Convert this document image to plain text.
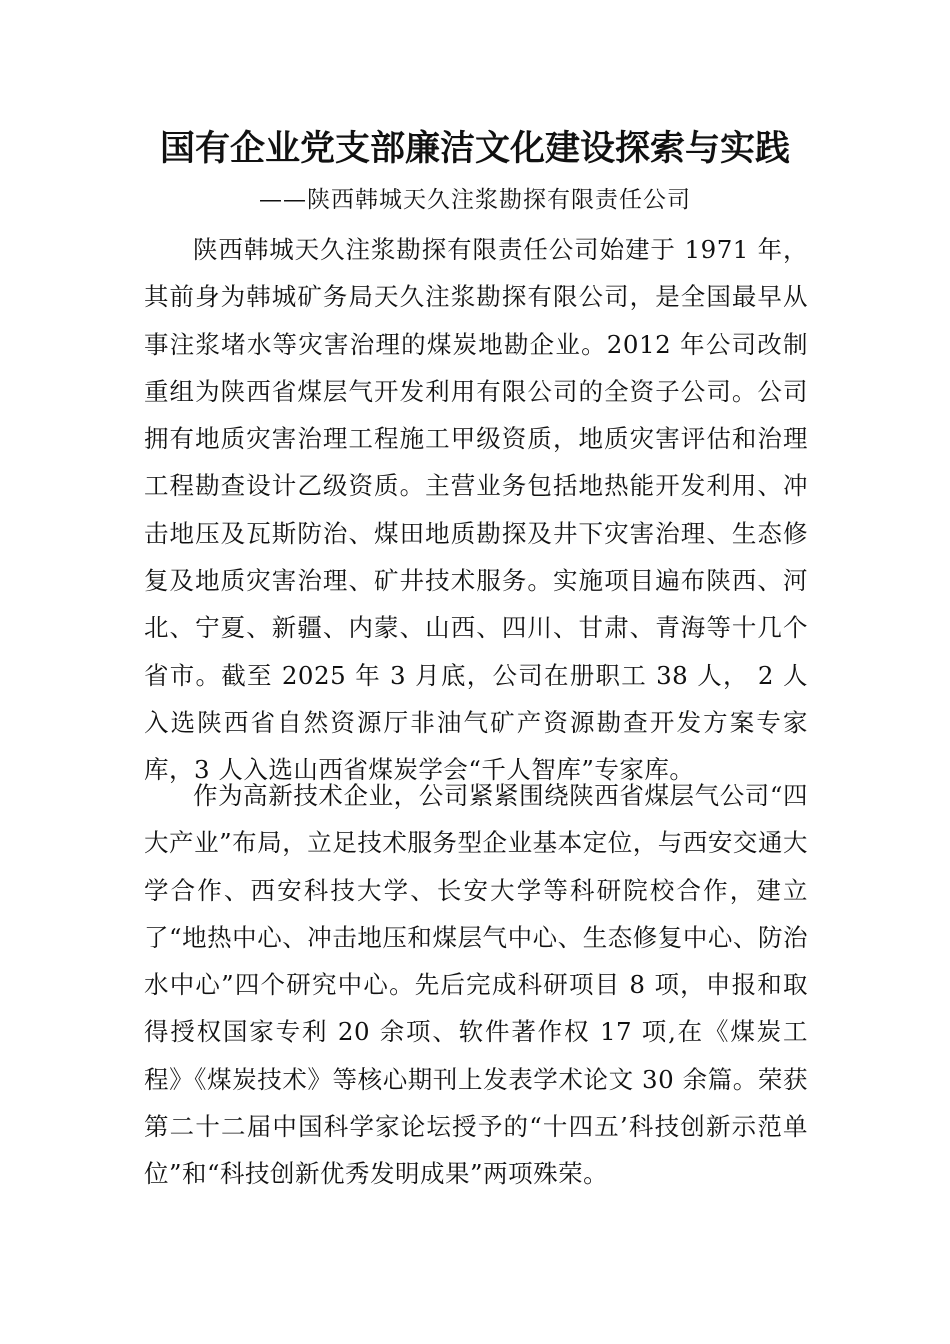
国有企业党支部廉洁文化建设探索与实践

——陕西韩城天久注浆勘探有限责任公司

陕西韩城天久注浆勘探有限责任公司始建于 1971 年，其前身为韩城矿务局天久注浆勘探有限公司，是全国最早从事注浆堵水等灾害治理的煤炭地勘企业。2012 年公司改制重组为陕西省煤层气开发利用有限公司的全资子公司。公司拥有地质灾害治理工程施工甲级资质，地质灾害评估和治理工程勘查设计乙级资质。主营业务包括地热能开发利用、冲击地压及瓦斯防治、煤田地质勘探及井下灾害治理、生态修复及地质灾害治理、矿井技术服务。实施项目遍布陕西、河北、宁夏、新疆、内蒙、山西、四川、甘肃、青海等十几个省市。截至 2025 年 3 月底，公司在册职工 38 人， 2 人入选陕西省自然资源厅非油气矿产资源勘查开发方案专家库，3 人入选山西省煤炭学会“千人智库”专家库。

作为高新技术企业，公司紧紧围绕陕西省煤层气公司“四大产业”布局，立足技术服务型企业基本定位，与西安交通大学合作、西安科技大学、长安大学等科研院校合作，建立了“地热中心、冲击地压和煤层气中心、生态修复中心、防治水中心”四个研究中心。先后完成科研项目 8 项，申报和取得授权国家专利 20 余项、软件著作权 17 项,在《煤炭工程》《煤炭技术》等核心期刊上发表学术论文 30 余篇。荣获第二十二届中国科学家论坛授予的“十四五’科技创新示范单位”和“科技创新优秀发明成果”两项殊荣。
